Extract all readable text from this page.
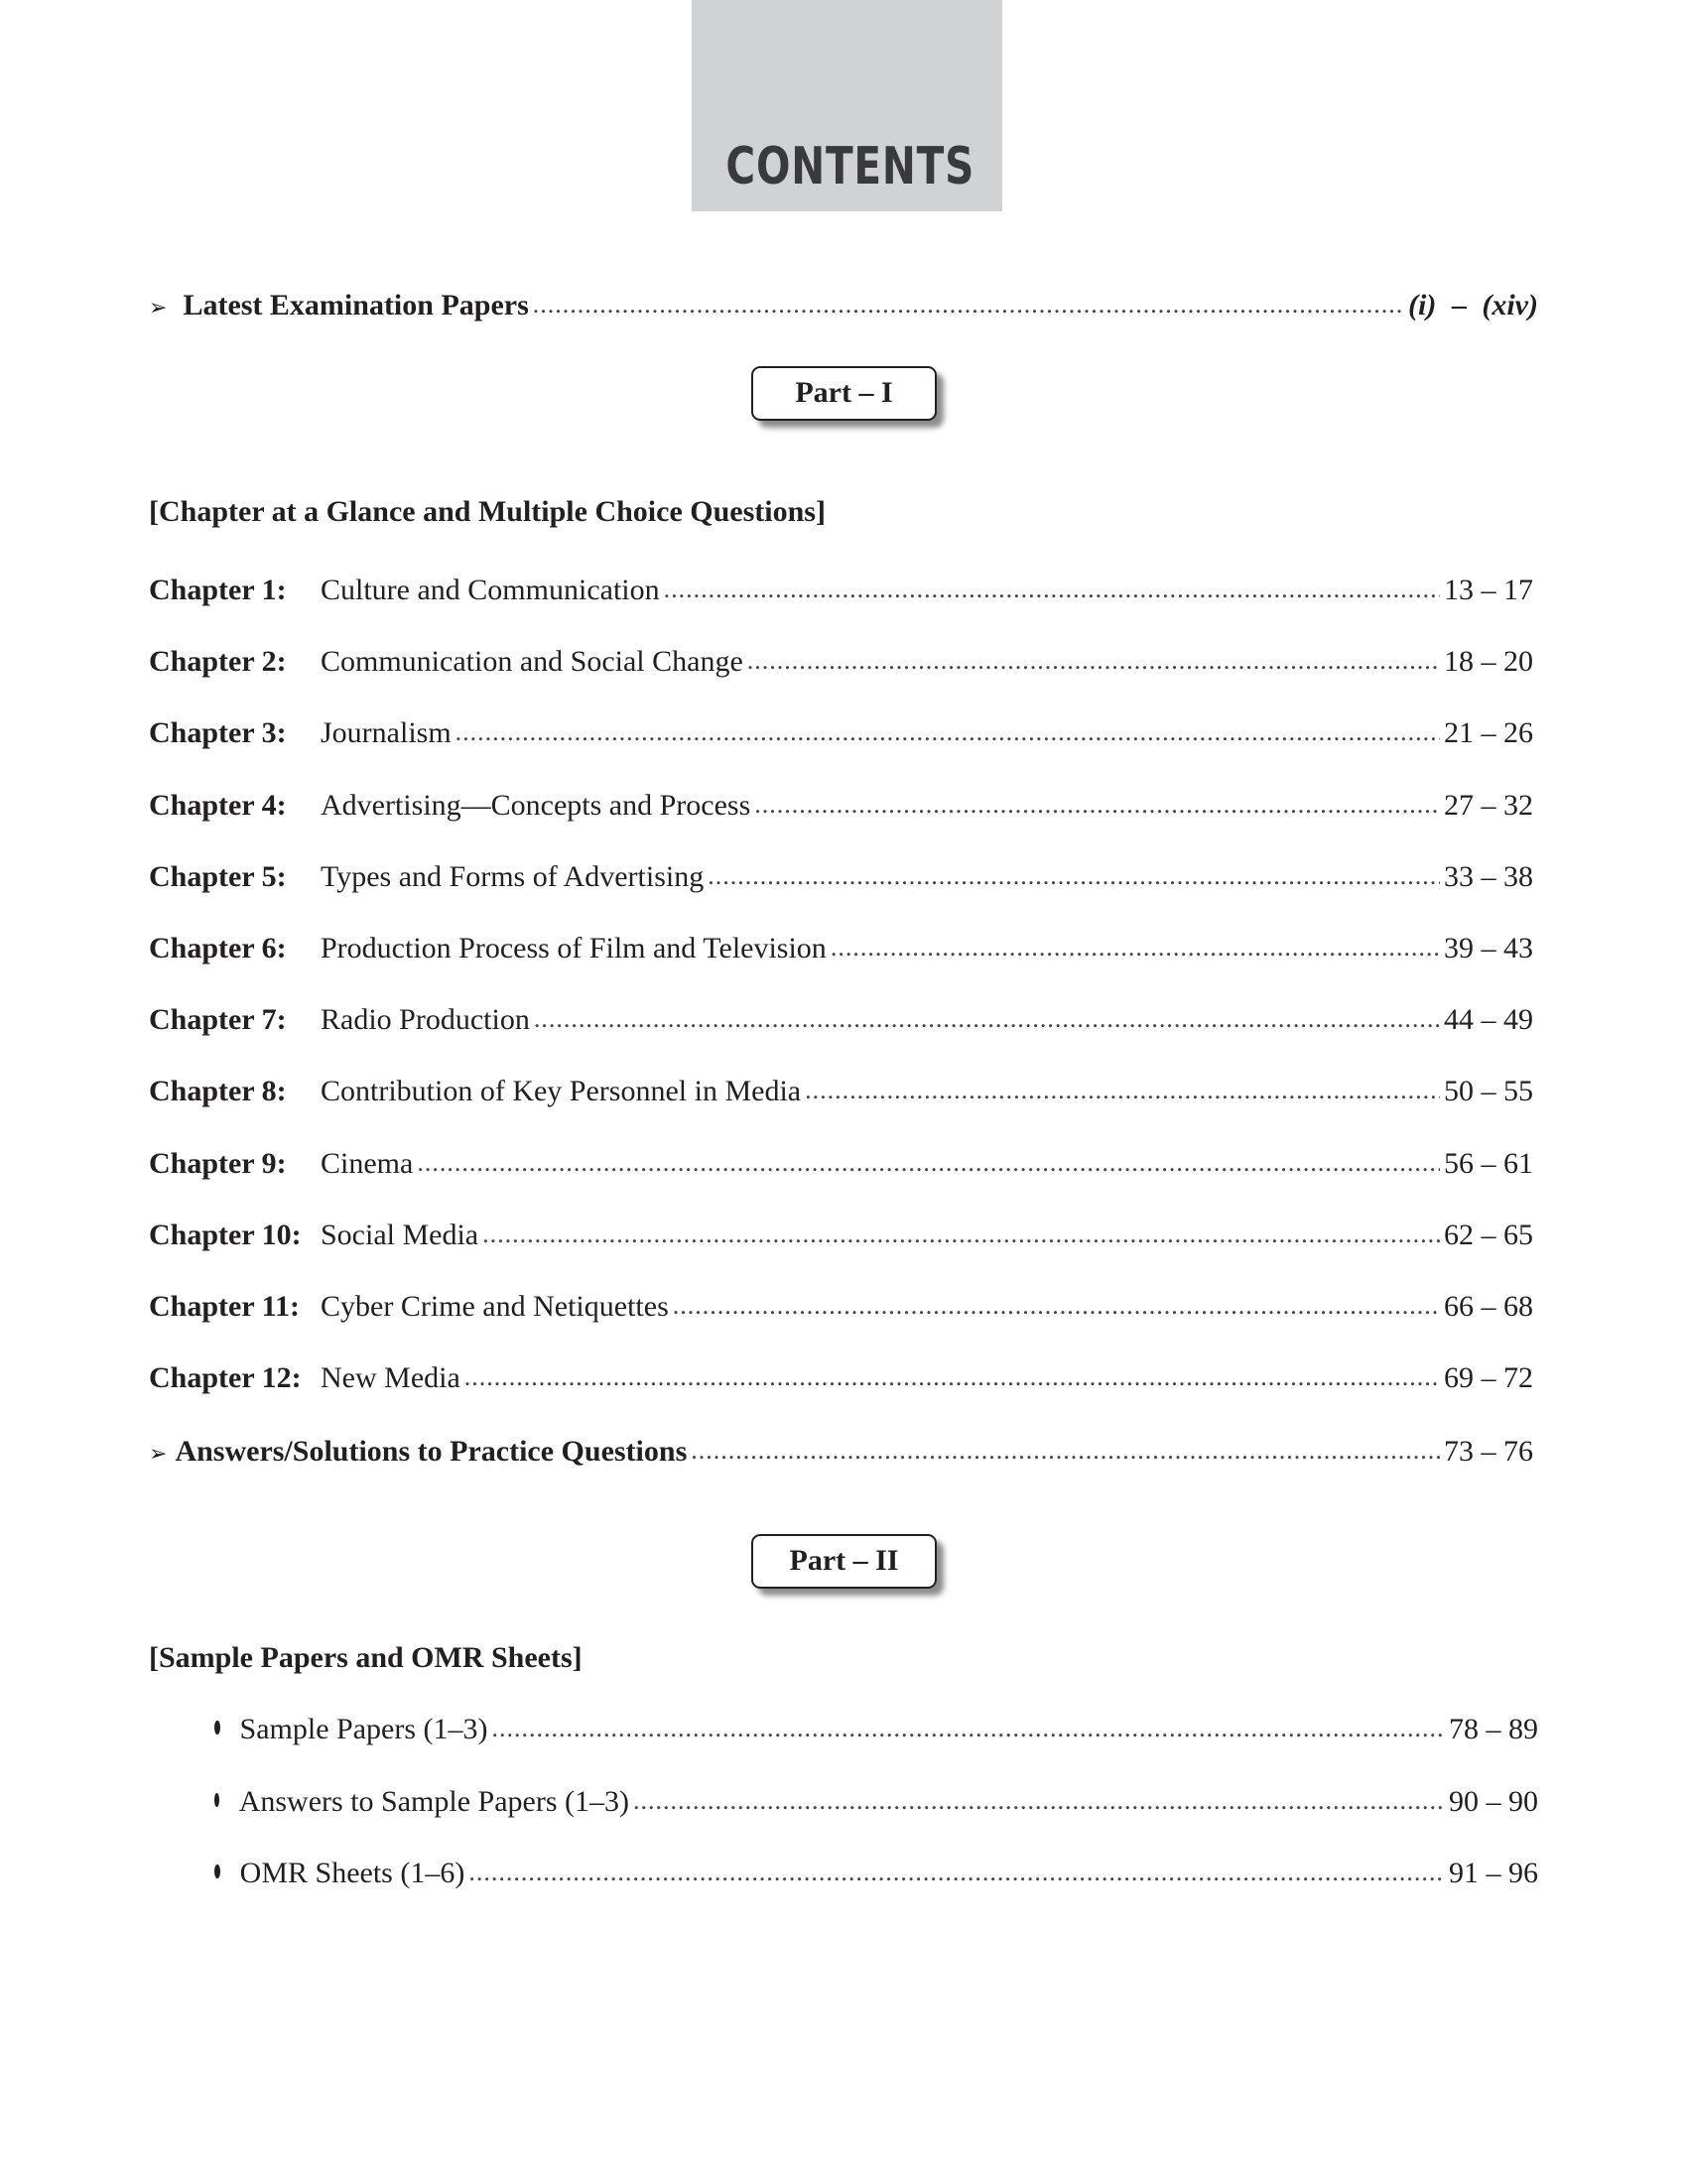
CONTENTS
➢ Latest Examination Papers .....	(i) – (xiv)
Part – I
[Chapter at a Glance and Multiple Choice Questions]
Chapter 1:	Culture and Communication .....	13 – 17
Chapter 2:	Communication and Social Change .....	18 – 20
Chapter 3:	Journalism .....	21 – 26
Chapter 4:	Advertising—Concepts and Process .....	27 – 32
Chapter 5:	Types and Forms of Advertising .....	33 – 38
Chapter 6:	Production Process of Film and Television .....	39 – 43
Chapter 7:	Radio Production .....	44 – 49
Chapter 8:	Contribution of Key Personnel in Media .....	50 – 55
Chapter 9:	Cinema .....	56 – 61
Chapter 10: Social Media .....	62 – 65
Chapter 11: Cyber Crime and Netiquettes .....	66 – 68
Chapter 12: New Media .....	69 – 72
➢ Answers/Solutions to Practice Questions .....	73 – 76
Part – II
[Sample Papers and OMR Sheets]
Sample Papers (1–3) .....	78 – 89
Answers to Sample Papers (1–3) .....	90 – 90
OMR Sheets (1–6) .....	91 – 96
